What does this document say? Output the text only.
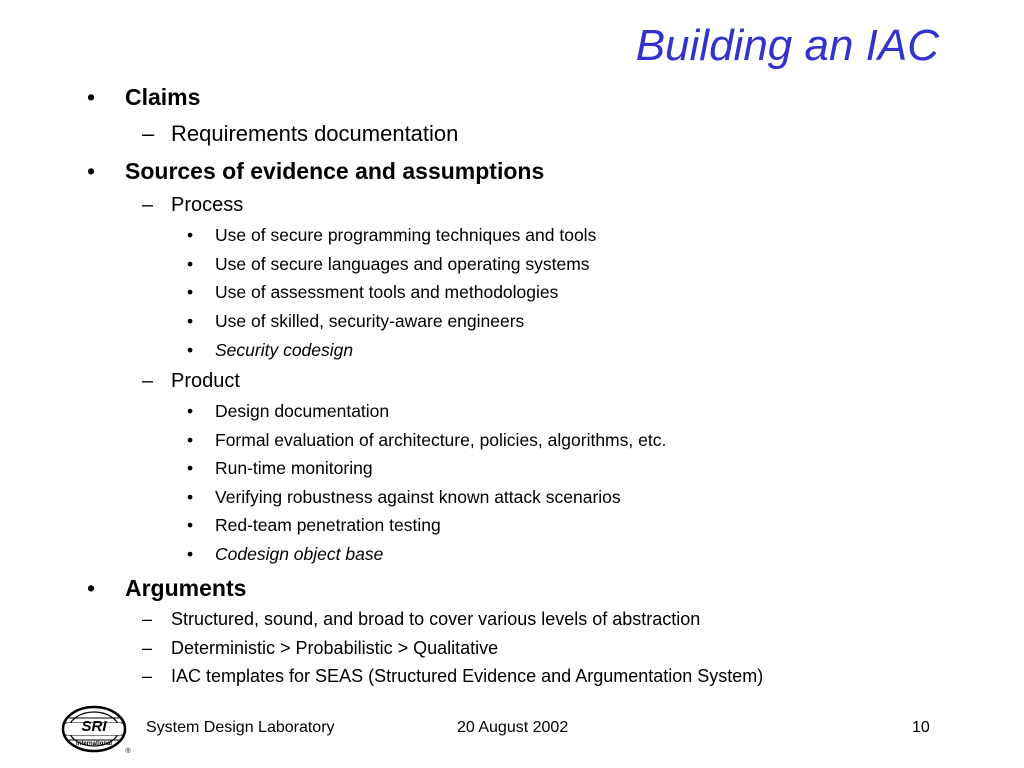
Building an IAC
•	Claims
– Requirements documentation
•	Sources of evidence and assumptions
– Process
•	Use of secure programming techniques and tools
•	Use of secure languages and operating systems
•	Use of assessment tools and methodologies
•	Use of skilled, security-aware engineers
•	Security codesign
– Product
•	Design documentation
•	Formal evaluation of architecture, policies, algorithms, etc.
•	Run-time monitoring
•	Verifying robustness against known attack scenarios
•	Red-team penetration testing
•	Codesign object base
•	Arguments
–	Structured, sound, and broad to cover various levels of abstraction
–	Deterministic > Probabilistic > Qualitative
–	IAC templates for SEAS (Structured Evidence and Argumentation System)
SRI
International
®
System Design Laboratory	20 August 2002	10
